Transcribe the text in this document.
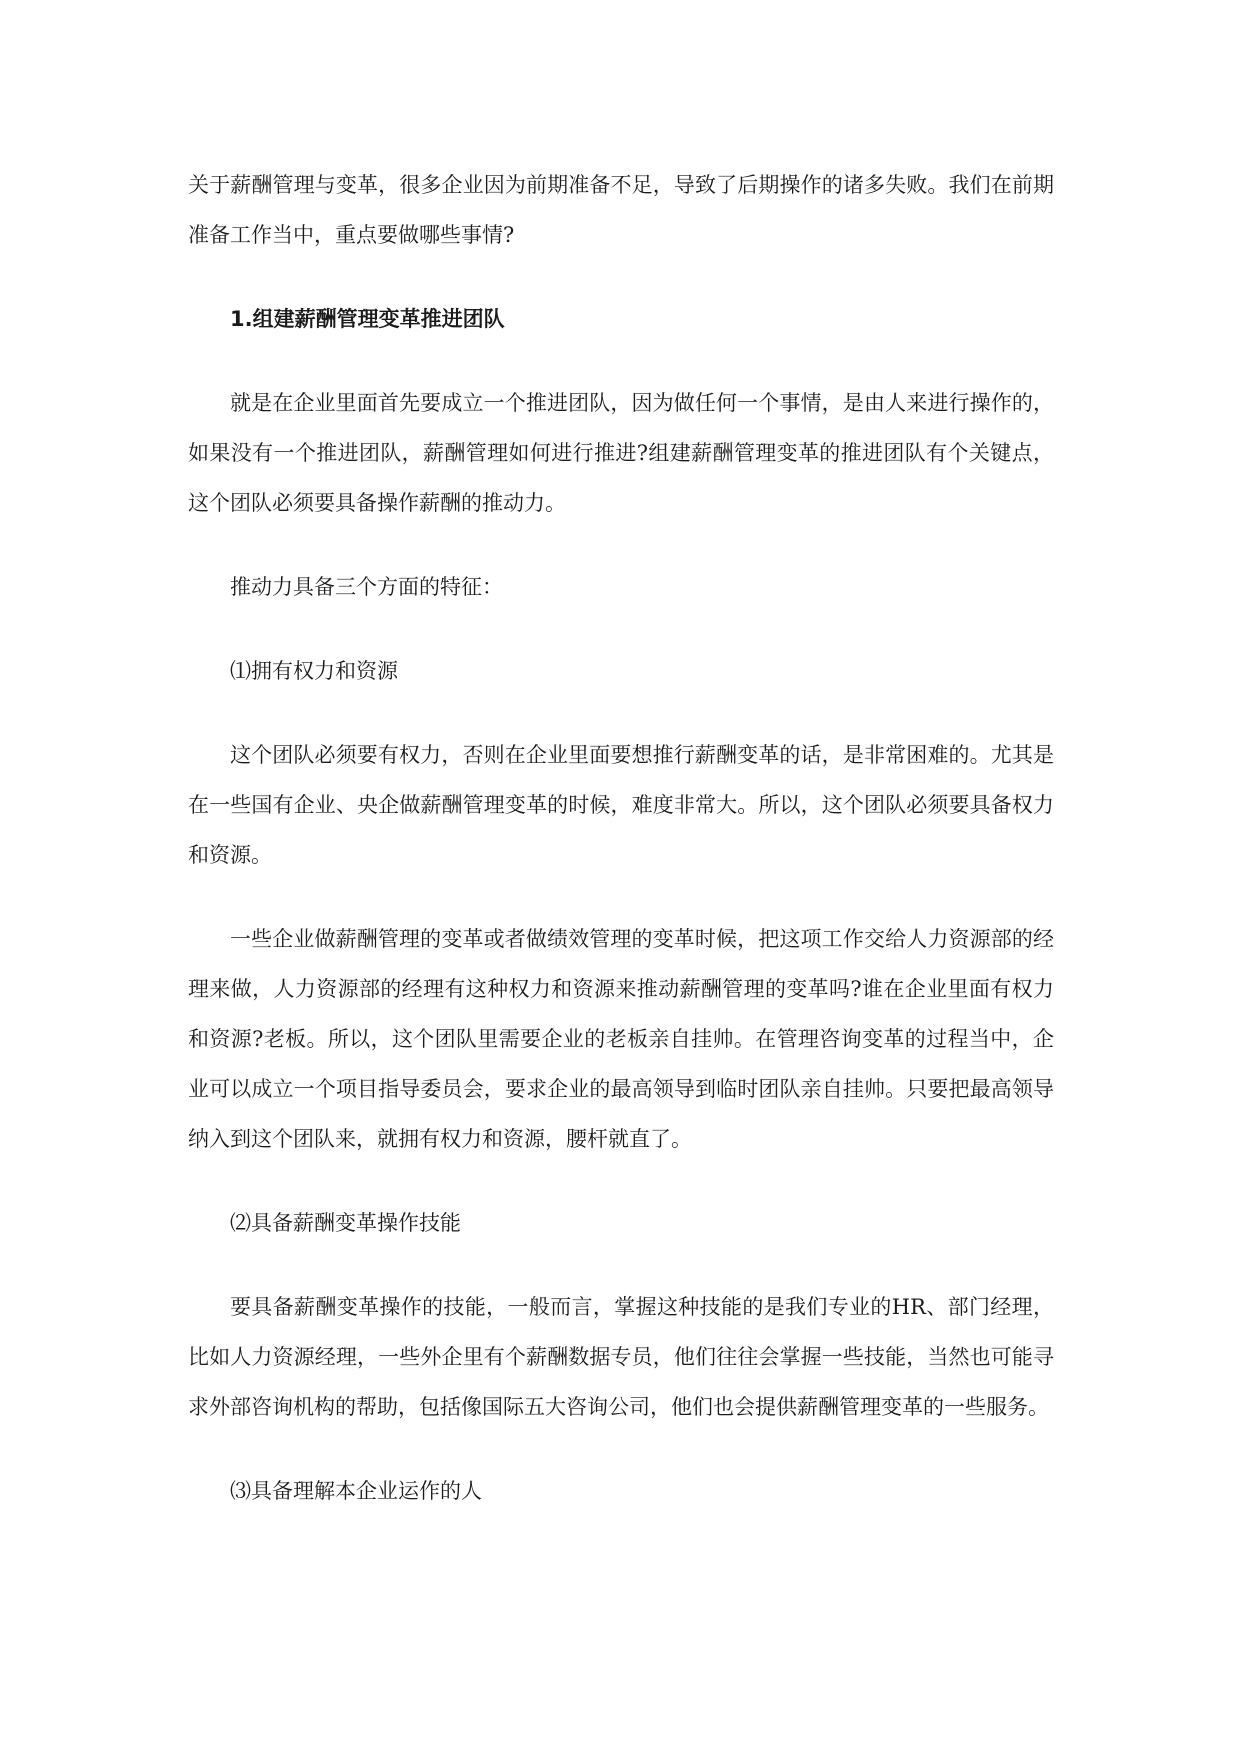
关于薪酬管理与变革，很多企业因为前期准备不足，导致了后期操作的诸多失败。我们在前期准备工作当中，重点要做哪些事情?

1.组建薪酬管理变革推进团队

就是在企业里面首先要成立一个推进团队，因为做任何一个事情，是由人来进行操作的，如果没有一个推进团队，薪酬管理如何进行推进?组建薪酬管理变革的推进团队有个关键点，这个团队必须要具备操作薪酬的推动力。

推动力具备三个方面的特征：

⑴拥有权力和资源

这个团队必须要有权力，否则在企业里面要想推行薪酬变革的话，是非常困难的。尤其是在一些国有企业、央企做薪酬管理变革的时候，难度非常大。所以，这个团队必须要具备权力和资源。

一些企业做薪酬管理的变革或者做绩效管理的变革时候，把这项工作交给人力资源部的经理来做，人力资源部的经理有这种权力和资源来推动薪酬管理的变革吗?谁在企业里面有权力和资源?老板。所以，这个团队里需要企业的老板亲自挂帅。在管理咨询变革的过程当中，企业可以成立一个项目指导委员会，要求企业的最高领导到临时团队亲自挂帅。只要把最高领导纳入到这个团队来，就拥有权力和资源，腰杆就直了。

⑵具备薪酬变革操作技能

要具备薪酬变革操作的技能，一般而言，掌握这种技能的是我们专业的HR、部门经理，比如人力资源经理，一些外企里有个薪酬数据专员，他们往往会掌握一些技能，当然也可能寻求外部咨询机构的帮助，包括像国际五大咨询公司，他们也会提供薪酬管理变革的一些服务。

⑶具备理解本企业运作的人
